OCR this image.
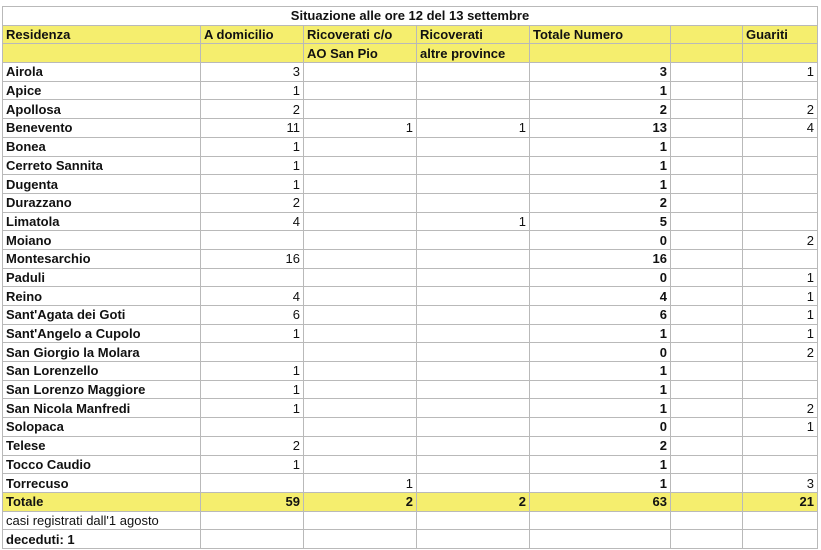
Situazione alle ore 12 del 13 settembre						
Residenza	A domicilio	Ricoverati c/o	Ricoverati	Totale Numero		Guariti
		AO San Pio	altre province			
Airola	3			3		1
Apice	1			1		
Apollosa	2			2		2
Benevento	11	1	1	13		4
Bonea	1			1		
Cerreto Sannita	1			1		
Dugenta	1			1		
Durazzano	2			2		
Limatola	4		1	5		
Moiano				0		2
Montesarchio	16			16		
Paduli				0		1
Reino	4			4		1
Sant'Agata dei Goti	6			6		1
Sant'Angelo a Cupolo	1			1		1
San Giorgio la Molara				0		2
San Lorenzello	1			1		
San Lorenzo Maggiore	1			1		
San Nicola Manfredi	1			1		2
Solopaca				0		1
Telese	2			2		
Tocco Caudio	1			1		
Torrecuso		1		1		3
Totale	59	2	2	63		21
casi registrati dall'1 agosto						
deceduti: 1						
